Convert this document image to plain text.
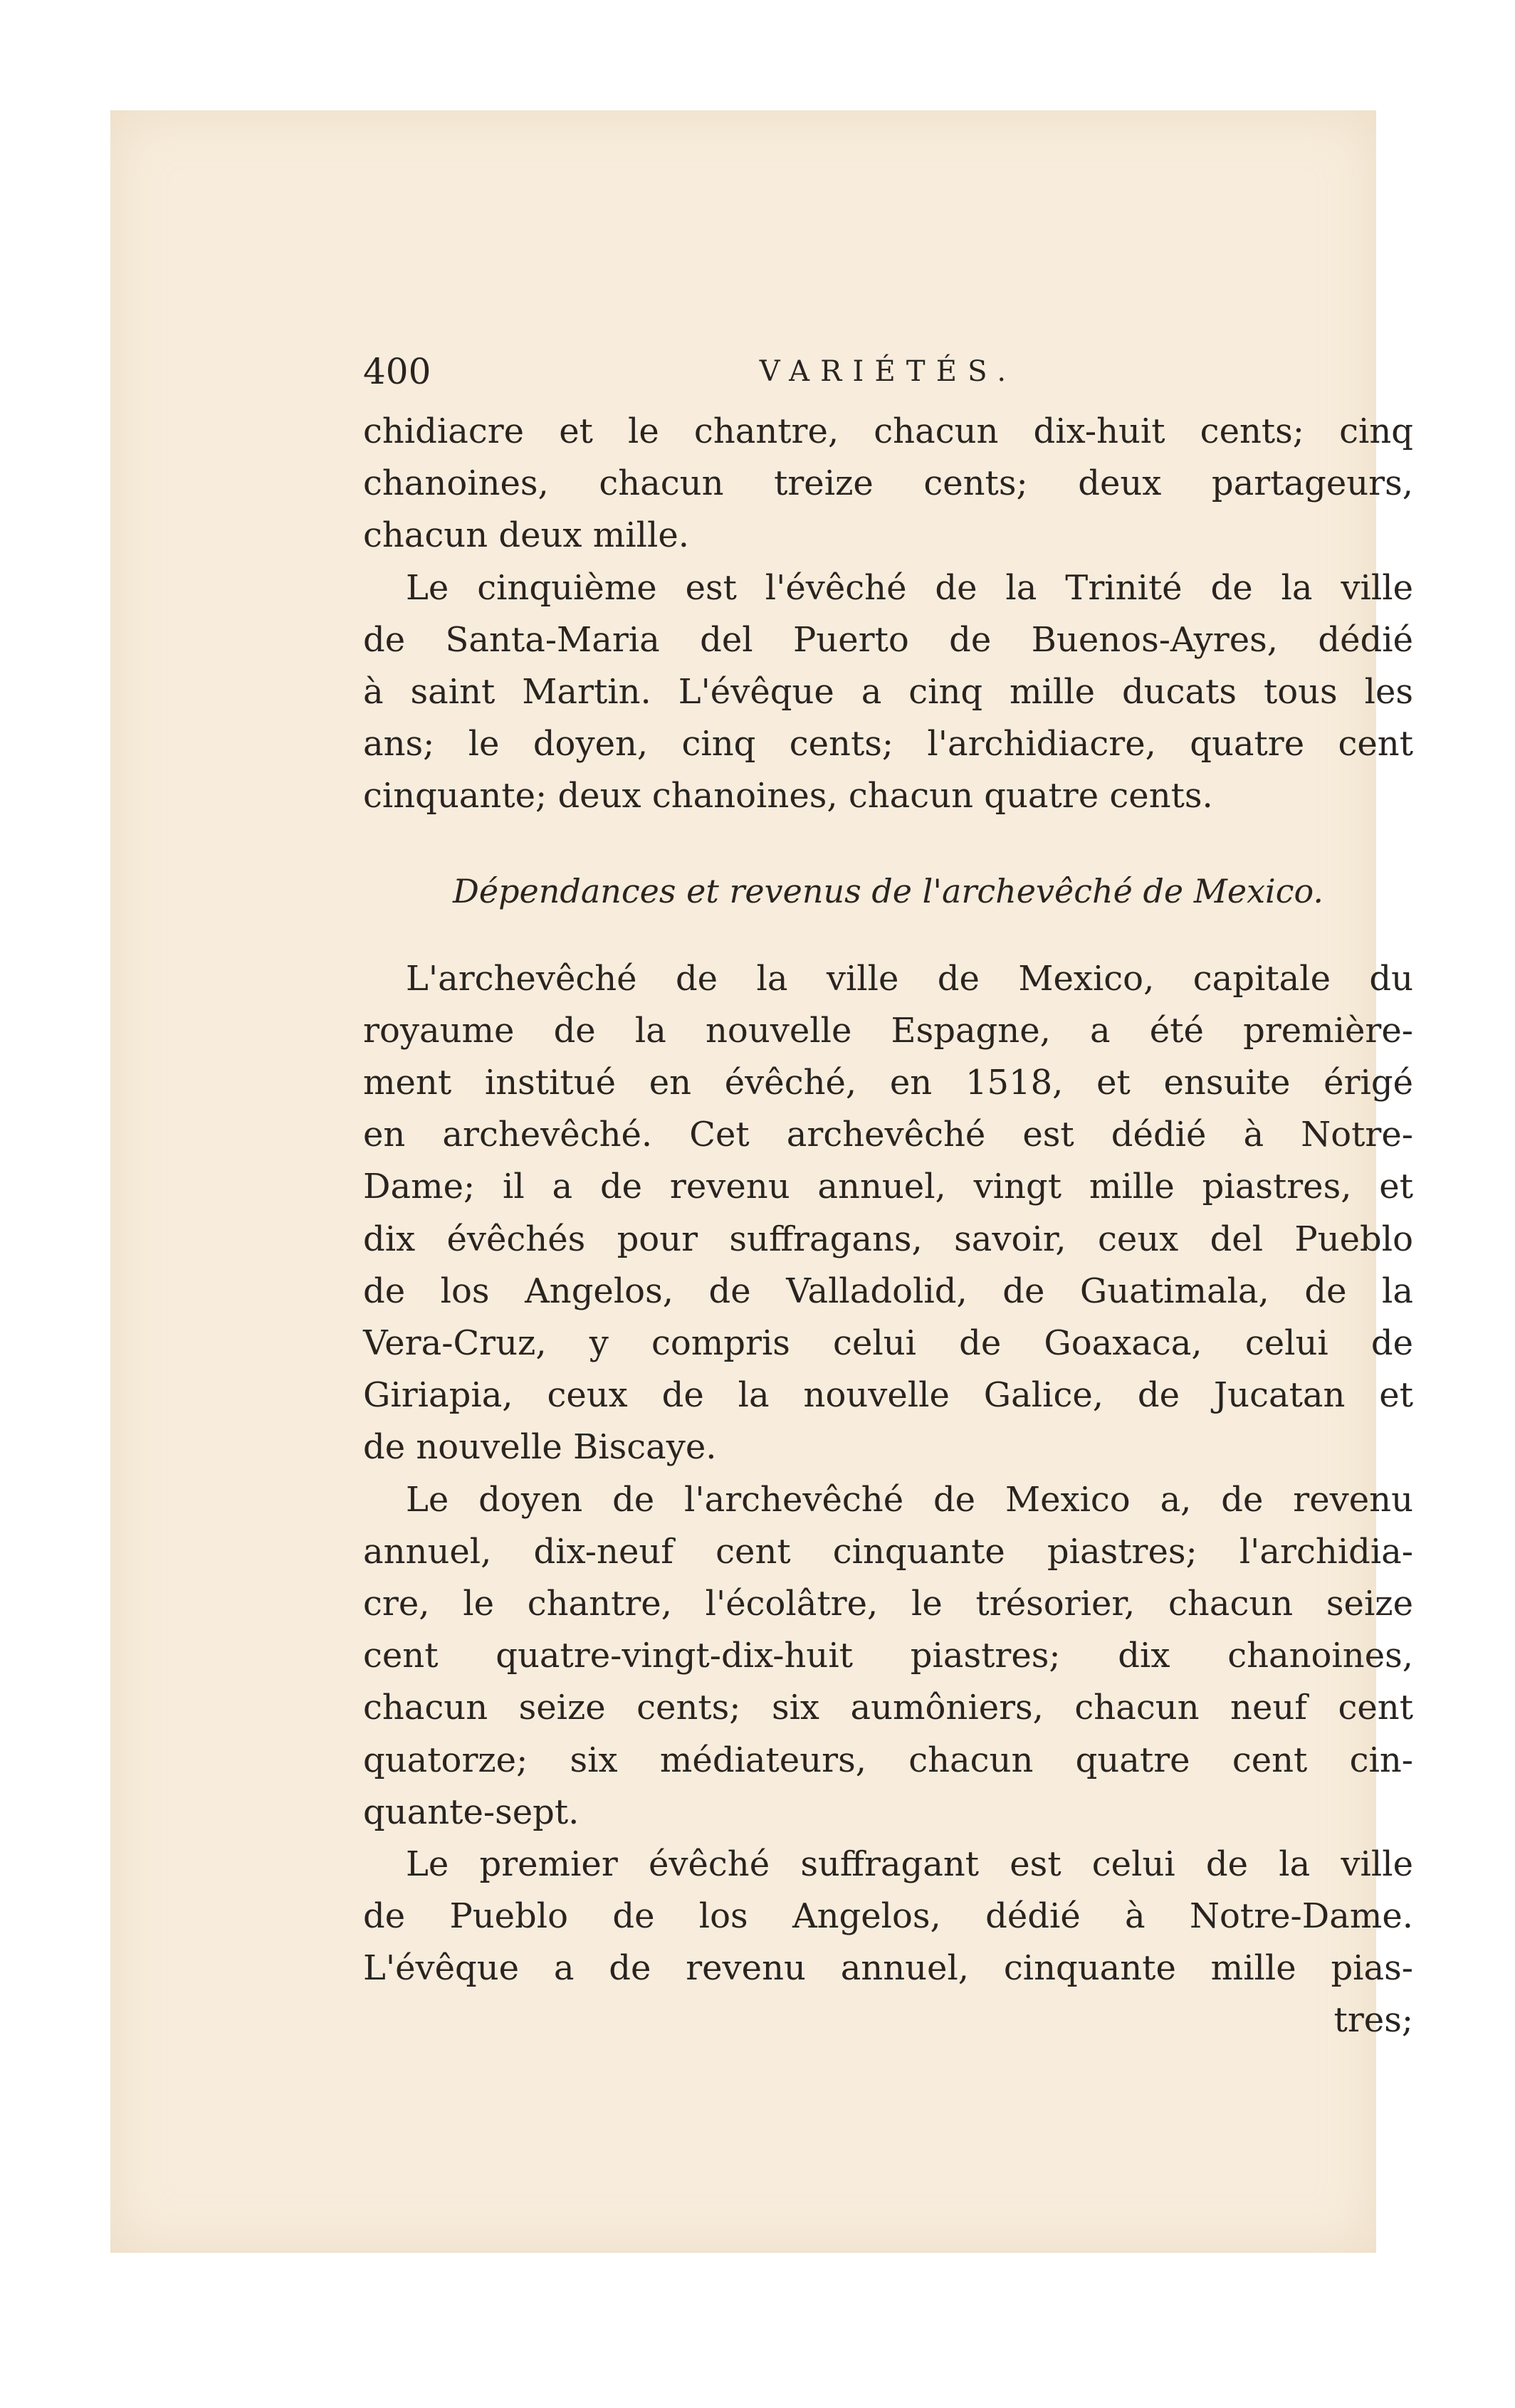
400	VARIÉTÉS.
chidiacre et le chantre, chacun dix-huit cents; cinq
chanoines, chacun treize cents; deux partageurs,
chacun deux mille.
Le cinquième est l'évêché de la Trinité de la ville
de Santa-Maria del Puerto de Buenos-Ayres, dédié
à saint Martin. L'évêque a cinq mille ducats tous les
ans; le doyen, cinq cents; l'archidiacre, quatre cent
cinquante; deux chanoines, chacun quatre cents.
Dépendances et revenus de l'archevêché de Mexico.
L'archevêché de la ville de Mexico, capitale du
royaume de la nouvelle Espagne, a été première-
ment institué en évêché, en 1518, et ensuite érigé
en archevêché. Cet archevêché est dédié à Notre-
Dame; il a de revenu annuel, vingt mille piastres, et
dix évêchés pour suffragans, savoir, ceux del Pueblo
de los Angelos, de Valladolid, de Guatimala, de la
Vera-Cruz, y compris celui de Goaxaca, celui de
Giriapia, ceux de la nouvelle Galice, de Jucatan et
de nouvelle Biscaye.
Le doyen de l'archevêché de Mexico a, de revenu
annuel, dix-neuf cent cinquante piastres; l'archidia-
cre, le chantre, l'écolâtre, le trésorier, chacun seize
cent quatre-vingt-dix-huit piastres; dix chanoines,
chacun seize cents; six aumôniers, chacun neuf cent
quatorze; six médiateurs, chacun quatre cent cin-
quante-sept.
Le premier évêché suffragant est celui de la ville
de Pueblo de los Angelos, dédié à Notre-Dame.
L'évêque a de revenu annuel, cinquante mille pias-
tres;
